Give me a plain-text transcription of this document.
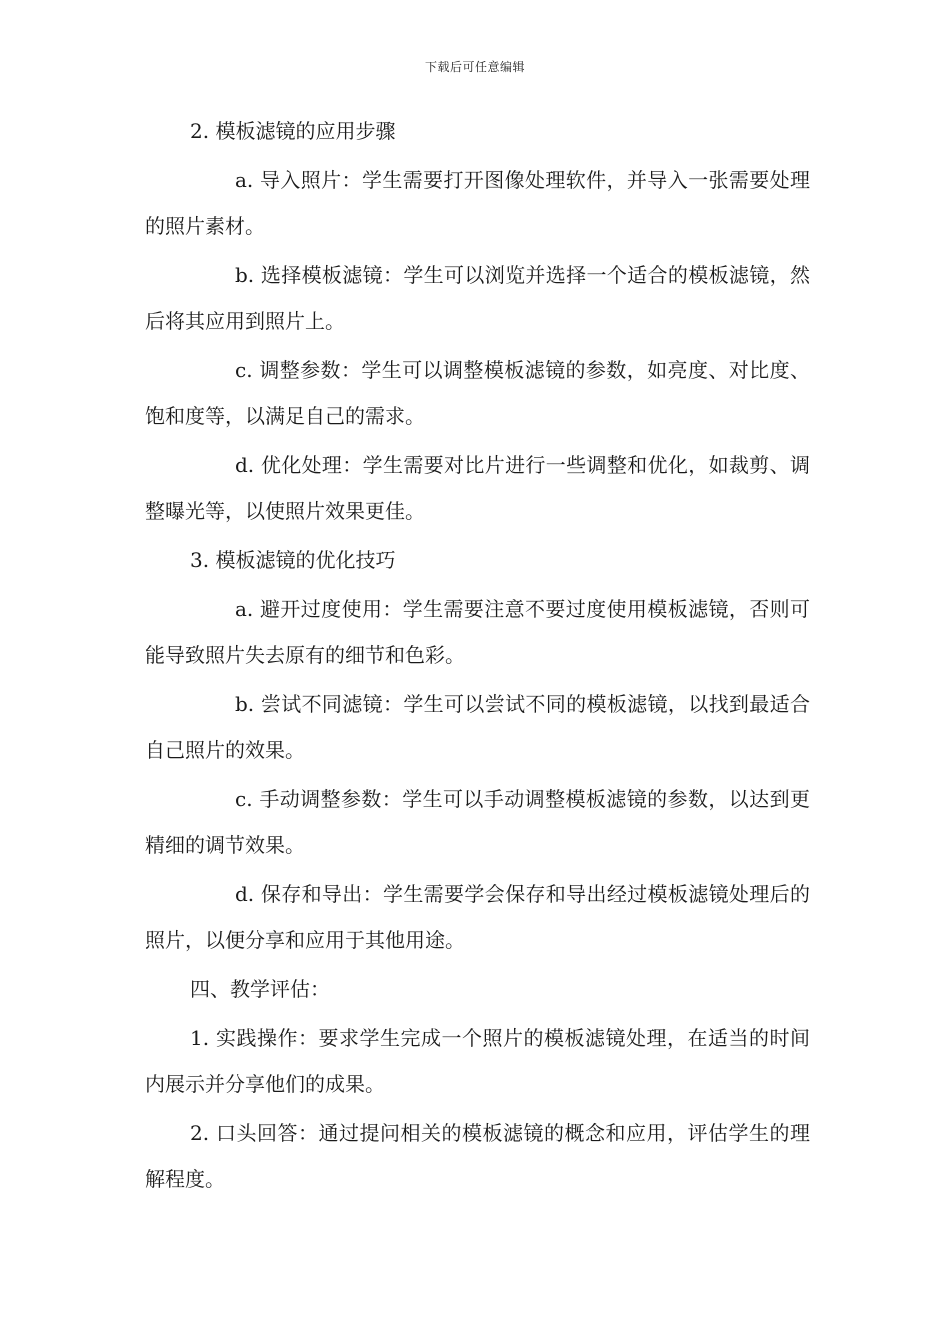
下载后可任意编辑

2. 模板滤镜的应用步骤

a. 导入照片：学生需要打开图像处理软件，并导入一张需要处理的照片素材。

b. 选择模板滤镜：学生可以浏览并选择一个适合的模板滤镜，然后将其应用到照片上。

c. 调整参数：学生可以调整模板滤镜的参数，如亮度、对比度、饱和度等，以满足自己的需求。

d. 优化处理：学生需要对比片进行一些调整和优化，如裁剪、调整曝光等，以使照片效果更佳。

3. 模板滤镜的优化技巧

a. 避开过度使用：学生需要注意不要过度使用模板滤镜，否则可能导致照片失去原有的细节和色彩。

b. 尝试不同滤镜：学生可以尝试不同的模板滤镜，以找到最适合自己照片的效果。

c. 手动调整参数：学生可以手动调整模板滤镜的参数，以达到更精细的调节效果。

d. 保存和导出：学生需要学会保存和导出经过模板滤镜处理后的照片，以便分享和应用于其他用途。

四、教学评估：

1. 实践操作：要求学生完成一个照片的模板滤镜处理，在适当的时间内展示并分享他们的成果。

2. 口头回答：通过提问相关的模板滤镜的概念和应用，评估学生的理解程度。
